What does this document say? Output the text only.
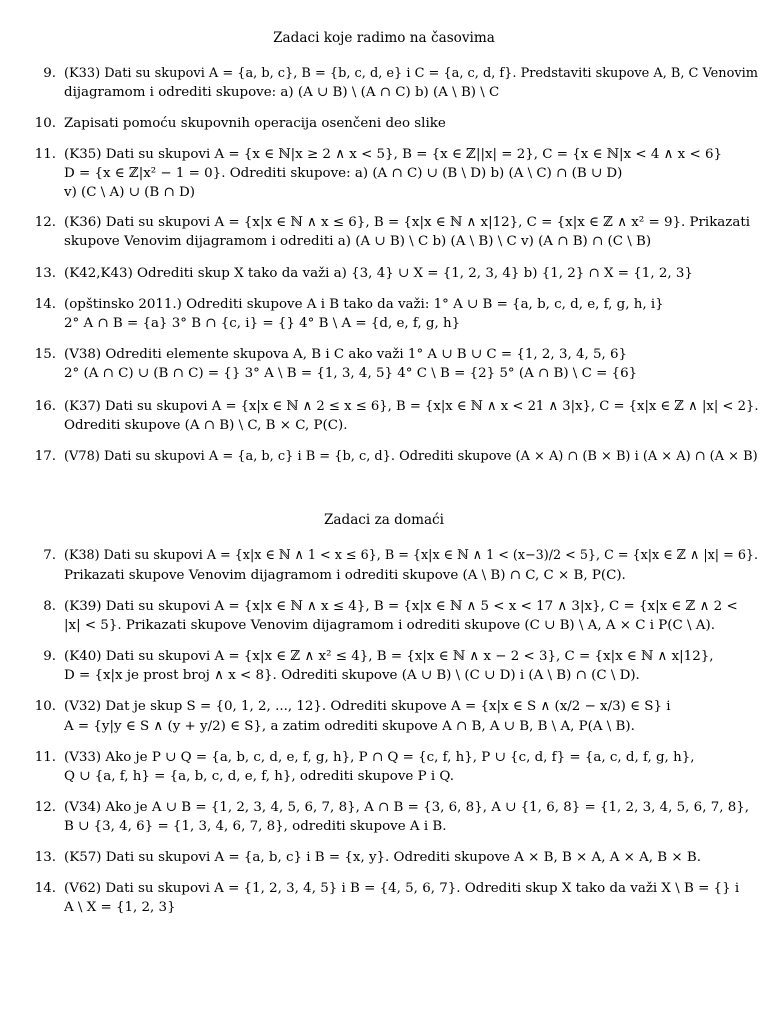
Zadaci koje radimo na časovima
9. (K33) Dati su skupovi A = {a, b, c}, B = {b, c, d, e} i C = {a, c, d, f}. Predstaviti skupove A, B, C Venovim
dijagramom i odrediti skupove: a) (A ∪ B) \ (A ∩ C) b) (A \ B) \ C
10. Zapisati pomoću skupovnih operacija osenčeni deo slike
11. (K35) Dati su skupovi A = {x ∈ ℕ|x ≥ 2 ∧ x < 5}, B = {x ∈ ℤ||x| = 2}, C = {x ∈ ℕ|x < 4 ∧ x < 6}
D = {x ∈ ℤ|x² − 1 = 0}. Odrediti skupove: a) (A ∩ C) ∪ (B \ D) b) (A \ C) ∩ (B ∪ D)
v) (C \ A) ∪ (B ∩ D)
12. (K36) Dati su skupovi A = {x|x ∈ ℕ ∧ x ≤ 6}, B = {x|x ∈ ℕ ∧ x|12}, C = {x|x ∈ ℤ ∧ x² = 9}. Prikazati
skupove Venovim dijagramom i odrediti a) (A ∪ B) \ C b) (A \ B) \ C v) (A ∩ B) ∩ (C \ B)
13. (K42,K43) Odrediti skup X tako da važi a) {3, 4} ∪ X = {1, 2, 3, 4} b) {1, 2} ∩ X = {1, 2, 3}
14. (opštinsko 2011.) Odrediti skupove A i B tako da važi: 1° A ∪ B = {a, b, c, d, e, f, g, h, i}
2° A ∩ B = {a} 3° B ∩ {c, i} = {} 4° B \ A = {d, e, f, g, h}
15. (V38) Odrediti elemente skupova A, B i C ako važi 1° A ∪ B ∪ C = {1, 2, 3, 4, 5, 6}
2° (A ∩ C) ∪ (B ∩ C) = {} 3° A \ B = {1, 3, 4, 5} 4° C \ B = {2} 5° (A ∩ B) \ C = {6}
16. (K37) Dati su skupovi A = {x|x ∈ ℕ ∧ 2 ≤ x ≤ 6}, B = {x|x ∈ ℕ ∧ x < 21 ∧ 3|x}, C = {x|x ∈ ℤ ∧ |x| < 2}.
Odrediti skupove (A ∩ B) \ C, B × C, P(C).
17. (V78) Dati su skupovi A = {a, b, c} i B = {b, c, d}. Odrediti skupove (A × A) ∩ (B × B) i (A × A) ∩ (A × B)
Zadaci za domaći
7. (K38) Dati su skupovi A = {x|x ∈ ℕ ∧ 1 < x ≤ 6}, B = {x|x ∈ ℕ ∧ 1 < (x−3)/2 < 5}, C = {x|x ∈ ℤ ∧ |x| = 6}.
Prikazati skupove Venovim dijagramom i odrediti skupove (A \ B) ∩ C, C × B, P(C).
8. (K39) Dati su skupovi A = {x|x ∈ ℕ ∧ x ≤ 4}, B = {x|x ∈ ℕ ∧ 5 < x < 17 ∧ 3|x}, C = {x|x ∈ ℤ ∧ 2 <
|x| < 5}. Prikazati skupove Venovim dijagramom i odrediti skupove (C ∪ B) \ A, A × C i P(C \ A).
9. (K40) Dati su skupovi A = {x|x ∈ ℤ ∧ x² ≤ 4}, B = {x|x ∈ ℕ ∧ x − 2 < 3}, C = {x|x ∈ ℕ ∧ x|12},
D = {x|x je prost broj ∧ x < 8}. Odrediti skupove (A ∪ B) \ (C ∪ D) i (A \ B) ∩ (C \ D).
10. (V32) Dat je skup S = {0, 1, 2, ..., 12}. Odrediti skupove A = {x|x ∈ S ∧ (x/2 − x/3) ∈ S} i
A = {y|y ∈ S ∧ (y + y/2) ∈ S}, a zatim odrediti skupove A ∩ B, A ∪ B, B \ A, P(A \ B).
11. (V33) Ako je P ∪ Q = {a, b, c, d, e, f, g, h}, P ∩ Q = {c, f, h}, P ∪ {c, d, f} = {a, c, d, f, g, h},
Q ∪ {a, f, h} = {a, b, c, d, e, f, h}, odrediti skupove P i Q.
12. (V34) Ako je A ∪ B = {1, 2, 3, 4, 5, 6, 7, 8}, A ∩ B = {3, 6, 8}, A ∪ {1, 6, 8} = {1, 2, 3, 4, 5, 6, 7, 8},
B ∪ {3, 4, 6} = {1, 3, 4, 6, 7, 8}, odrediti skupove A i B.
13. (K57) Dati su skupovi A = {a, b, c} i B = {x, y}. Odrediti skupove A × B, B × A, A × A, B × B.
14. (V62) Dati su skupovi A = {1, 2, 3, 4, 5} i B = {4, 5, 6, 7}. Odrediti skup X tako da važi X \ B = {} i
A \ X = {1, 2, 3}
